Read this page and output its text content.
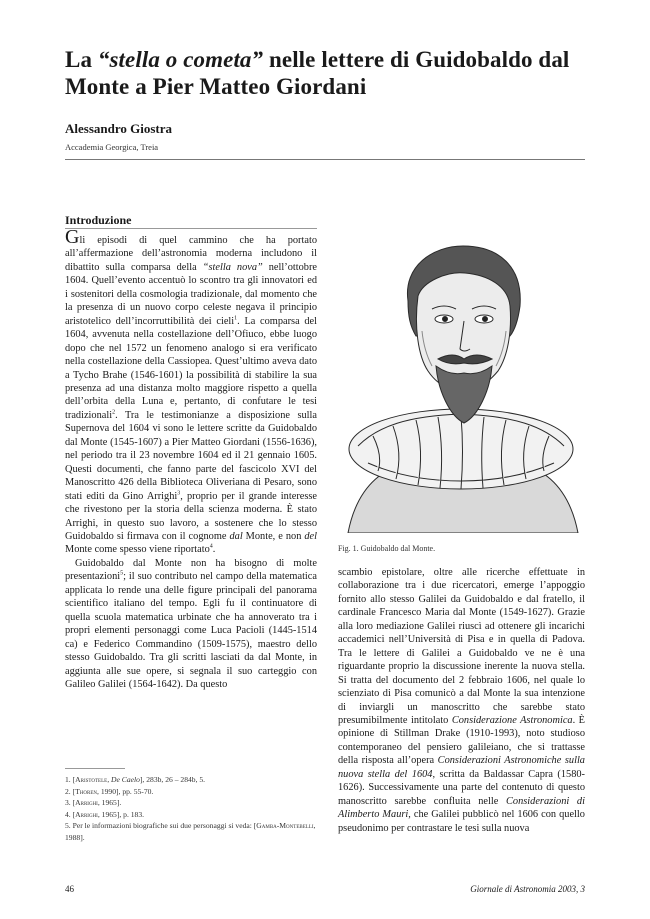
La “stella o cometa” nelle lettere di Guidobaldo dal Monte a Pier Matteo Giordani
Alessandro Giostra
Accademia Georgica, Treia
Introduzione

Gli episodi di quel cammino che ha portato all’affermazione dell’astronomia moderna includono il dibattito sulla comparsa della “stella nova” nell’ottobre 1604. Quell’evento accentuò lo scontro tra gli innovatori ed i sostenitori della cosmologia tradizionale, dal momento che la presenza di un nuovo corpo celeste negava il principio aristotelico dell’incorruttibilità dei cieli$^1$. La comparsa del 1604, avvenuta nella costellazione dell’Ofiuco, ebbe luogo dopo che nel 1572 un fenomeno analogo si era verificato nella costellazione della Cassiopea. Quest’ultimo aveva dato a Tycho Brahe (1546-1601) la possibilità di stabilire la sua presenza ad una distanza molto maggiore rispetto a quella dell’orbita della Luna e, pertanto, di confutare le tesi tradizionali$^2$. Tra le testimonianze a disposizione sulla Supernova del 1604 vi sono le lettere scritte da Guidobaldo dal Monte (1545-1607) a Pier Matteo Giordani (1556-1636), nel periodo tra il 23 novembre 1604 ed il 21 gennaio 1605. Questi documenti, che fanno parte del fascicolo XVI del Manoscritto 426 della Biblioteca Oliveriana di Pesaro, sono stati editi da Gino Arrighi$^3$, proprio per il grande interesse che rivestono per la storia della scienza moderna. È stato Arrighi, in questo suo lavoro, a sostenere che lo stesso Guidobaldo si firmava con il cognome dal Monte, e non del Monte come spesso viene riportato$^4$.

Guidobaldo dal Monte non ha bisogno di molte presentazioni$^5$; il suo contributo nel campo della matematica applicata lo rende una delle figure principali del panorama scientifico italiano del tempo. Egli fu il continuatore di quella scuola matematica urbinate che ha annoverato tra i propri elementi personaggi come Luca Pacioli (1445-1514 ca) e Federico Commandino (1509-1575), maestro dello stesso Guidobaldo. Tra gli scritti lasciati da dal Monte, in aggiunta alle sue opere, si segnala il suo carteggio con Galileo Galilei (1564-1642). Da questo

Fig. 1. Guidobaldo dal Monte.

scambio epistolare, oltre alle ricerche effettuate in collaborazione tra i due ricercatori, emerge l’appoggio fornito allo stesso Galilei da Guidobaldo e dal fratello, il cardinale Francesco Maria dal Monte (1549-1627). Grazie alla loro mediazione Galilei riuscì ad ottenere gli incarichi accademici nell’Università di Pisa e in quella di Padova. Tra le lettere di Galilei a Guidobaldo ve ne è una riguardante proprio la discussione inerente la nuova stella. Si tratta del documento del 2 febbraio 1606, nel quale lo scienziato di Pisa comunicò a dal Monte la sua intenzione di inviargli un manoscritto che sarebbe stato presumibilmente intitolato Considerazione Astronomica. È opinione di Stillman Drake (1910-1993), noto studioso contemporaneo del pensiero galileiano, che si trattasse della risposta all’opera Considerazioni Astronomiche sulla nuova stella del 1604, scritta da Baldassar Capra (1580-1626). Successivamente una parte del contenuto di questo manoscritto sarebbe confluita nelle Considerazioni di Alimberto Mauri, che Galilei pubblicò nel 1606 con quello pseudonimo per contrastare le tesi sulla nuova

1. [Aristotele, De Caelo], 283b, 26 – 284b, 5.
2. [Thoren, 1990], pp. 55-70.
3. [Arrighi, 1965].
4. [Arrighi, 1965], p. 183.
5. Per le informazioni biografiche sui due personaggi si veda: [Gamba-Montebelli, 1988].
46	Giornale di Astronomia 2003, 3
